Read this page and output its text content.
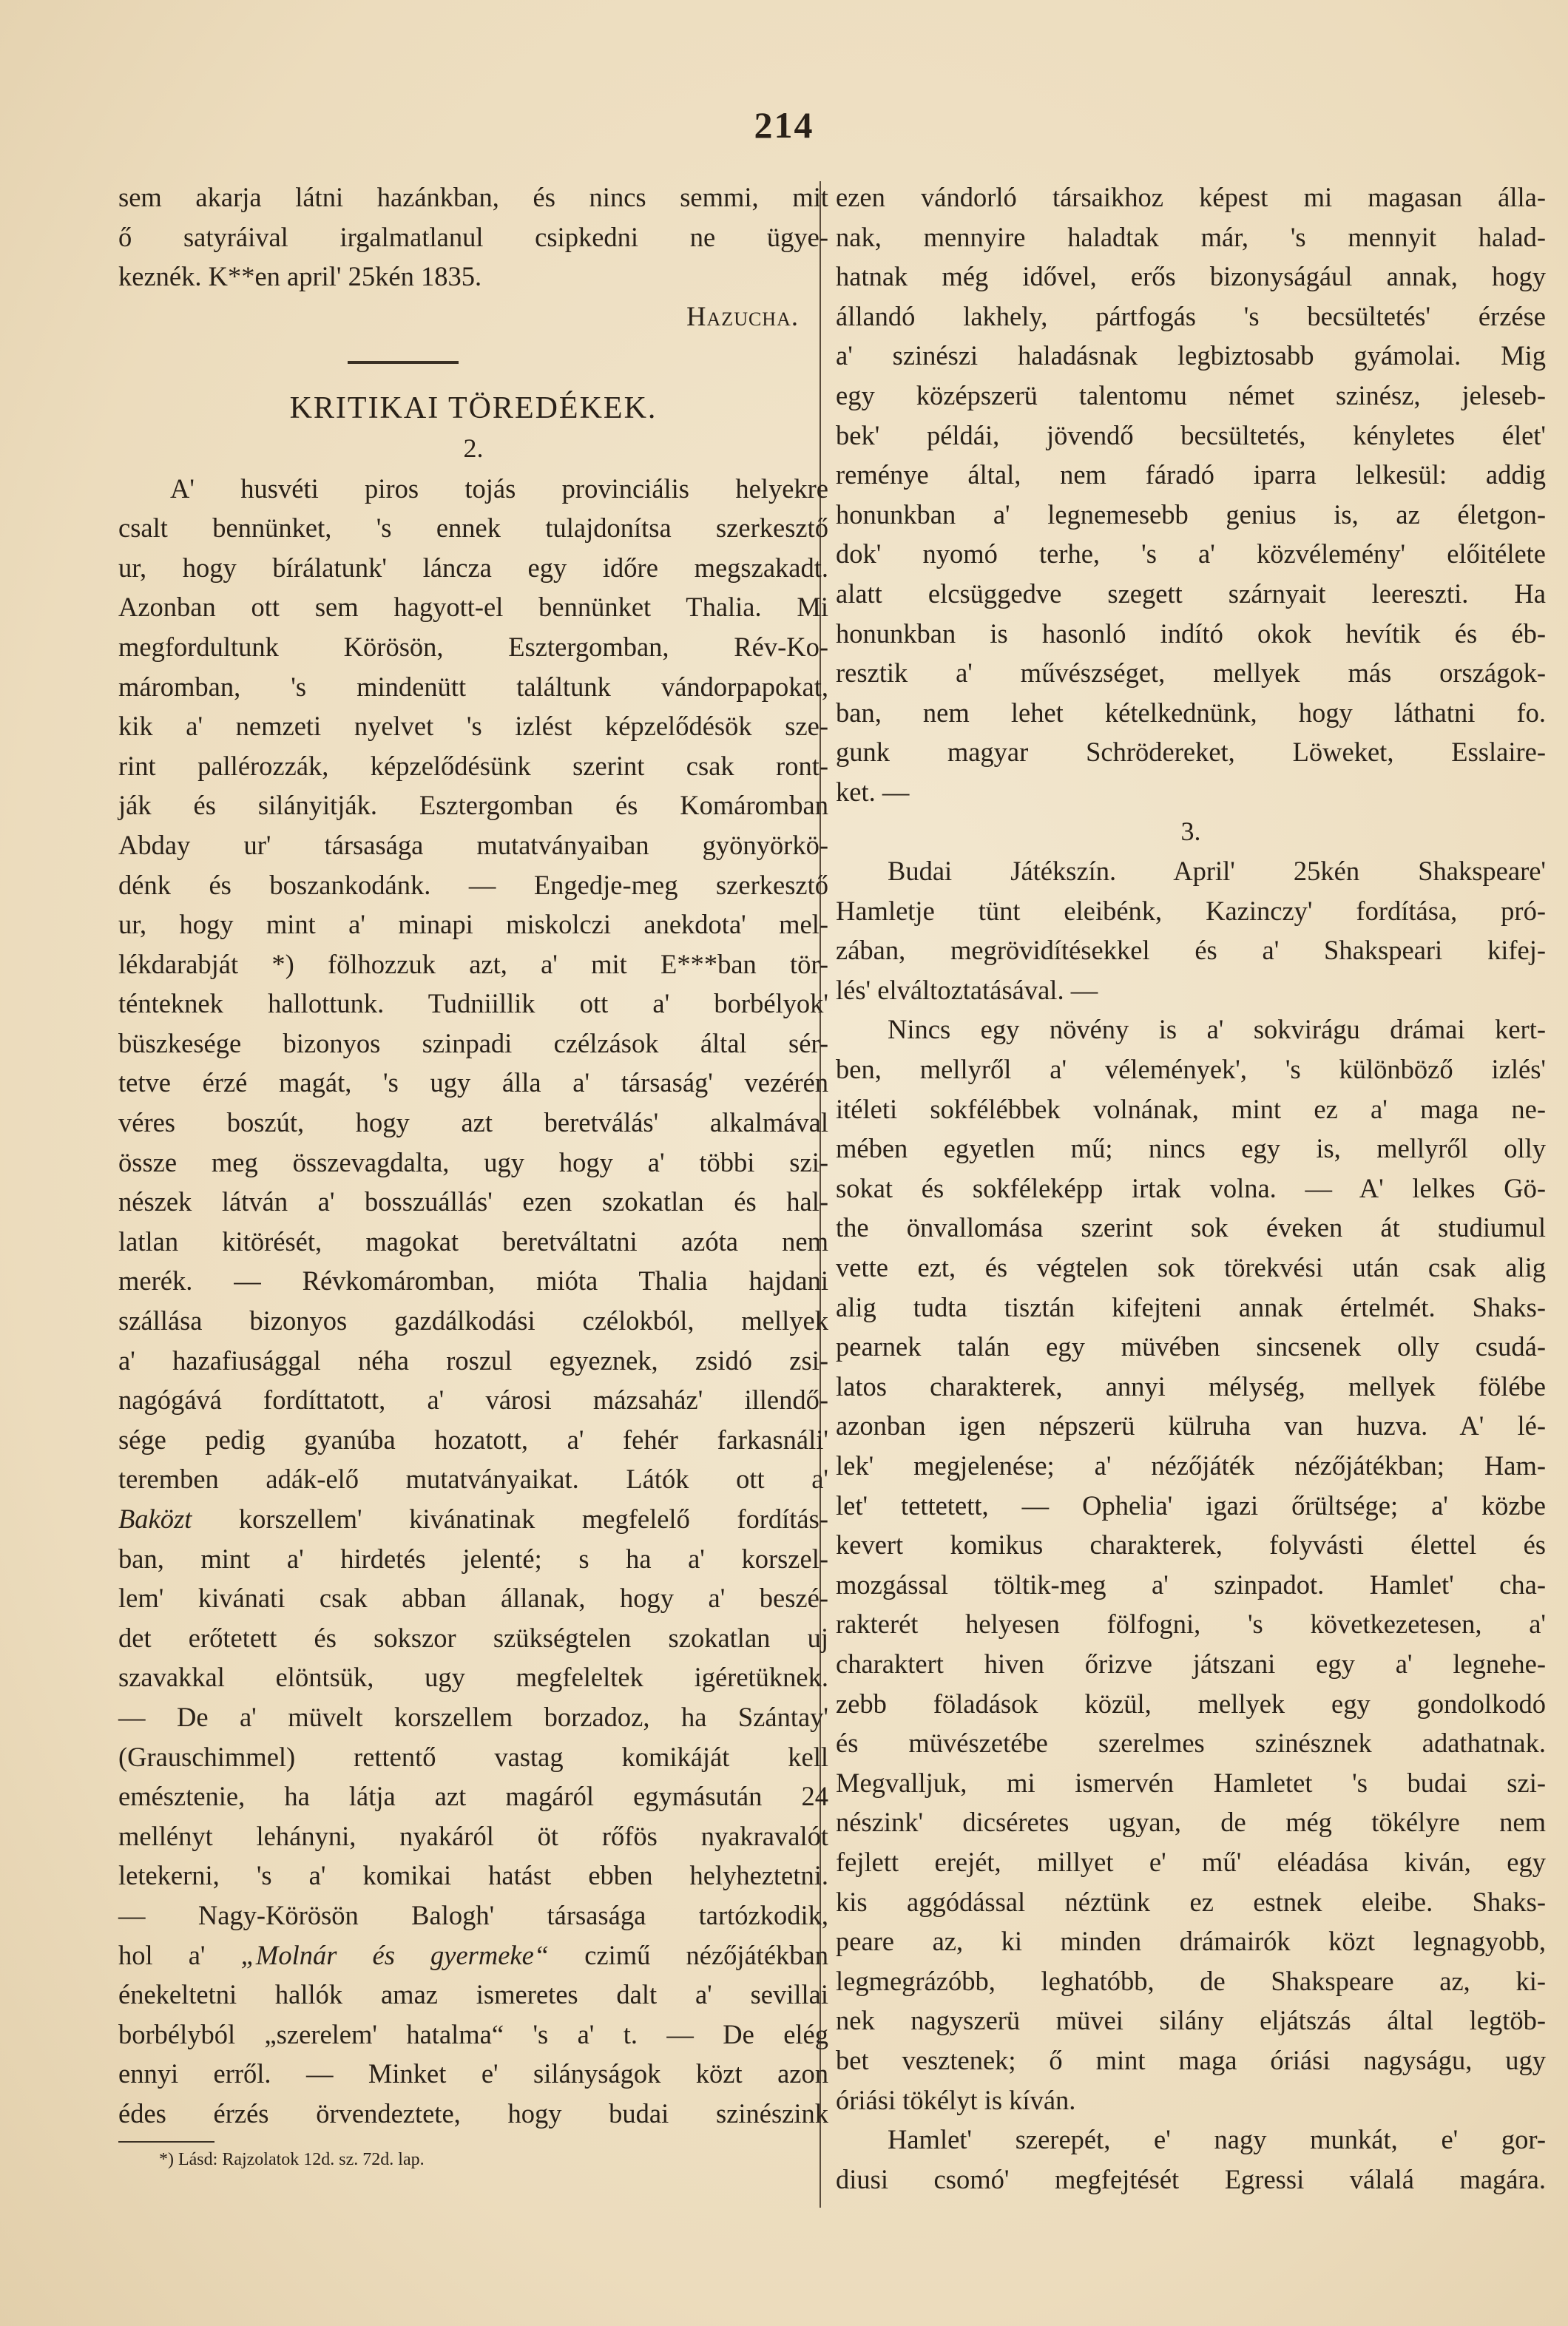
214
sem akarja látni hazánkban, és nincs semmi, mit
ő satyráival irgalmatlanul csipkedni ne ügye-
keznék. K**en april' 25kén 1835.
Hazucha.
KRITIKAI TÖREDÉKEK.
2.
A' husvéti piros tojás provinciális helyekre
csalt bennünket, 's ennek tulajdonítsa szerkesztő
ur, hogy bírálatunk' láncza egy időre megszakadt.
Azonban ott sem hagyott-el bennünket Thalia. Mi
megfordultunk Körösön, Esztergomban, Rév-Ko-
máromban, 's mindenütt találtunk vándorpapokat,
kik a' nemzeti nyelvet 's izlést képzelődésök sze-
rint pallérozzák, képzelődésünk szerint csak ront-
ják és silányitják. Esztergomban és Komáromban
Abday ur' társasága mutatványaiban gyönyörkö-
dénk és boszankodánk. — Engedje-meg szerkesztő
ur, hogy mint a' minapi miskolczi anekdota' mel-
lékdarabját *) fölhozzuk azt, a' mit E***ban tör-
ténteknek hallottunk. Tudniillik ott a' borbélyok'
büszkesége bizonyos szinpadi czélzások által sér-
tetve érzé magát, 's ugy álla a' társaság' vezérén
véres boszút, hogy azt beretválás' alkalmával
össze meg összevagdalta, ugy hogy a' többi szi-
nészek látván a' bosszuállás' ezen szokatlan és hal-
latlan kitörését, magokat beretváltatni azóta nem
merék. — Révkomáromban, mióta Thalia hajdani
szállása bizonyos gazdálkodási czélokból, mellyek
a' hazafiusággal néha roszul egyeznek, zsidó zsi-
nagógává fordíttatott, a' városi mázsaház' illendő-
sége pedig gyanúba hozatott, a' fehér farkasnáli'
teremben adák-elő mutatványaikat. Látók ott a'
Baközt korszellem' kivánatinak megfelelő fordítás-
ban, mint a' hirdetés jelenté; s ha a' korszel-
lem' kivánati csak abban állanak, hogy a' beszé-
det erőtetett és sokszor szükségtelen szokatlan uj
szavakkal elöntsük, ugy megfeleltek igéretüknek.
— De a' müvelt korszellem borzadoz, ha Szántay'
(Grauschimmel) rettentő vastag komikáját kell
emésztenie, ha látja azt magáról egymásután 24
mellényt lehányni, nyakáról öt rőfös nyakravalót
letekerni, 's a' komikai hatást ebben helyheztetni.
— Nagy-Körösön Balogh' társasága tartózkodik,
hol a' „Molnár és gyermeke“ czimű nézőjátékban
énekeltetni hallók amaz ismeretes dalt a' sevillai
borbélyból „szerelem' hatalma“ 's a' t. — De elég
ennyi erről. — Minket e' silányságok közt azon
édes érzés örvendeztete, hogy budai szinészink
*) Lásd: Rajzolatok 12d. sz. 72d. lap.
ezen vándorló társaikhoz képest mi magasan álla-
nak, mennyire haladtak már, 's mennyit halad-
hatnak még idővel, erős bizonyságául annak, hogy
állandó lakhely, pártfogás 's becsültetés' érzése
a' szinészi haladásnak legbiztosabb gyámolai. Mig
egy középszerü talentomu német szinész, jeleseb-
bek' példái, jövendő becsültetés, kényletes élet'
reménye által, nem fáradó iparra lelkesül: addig
honunkban a' legnemesebb genius is, az életgon-
dok' nyomó terhe, 's a' közvélemény' előitélete
alatt elcsüggedve szegett szárnyait leereszti. Ha
honunkban is hasonló indító okok hevítik és éb-
resztik a' művészséget, mellyek más országok-
ban, nem lehet kételkednünk, hogy láthatni fo.
gunk magyar Schrödereket, Löweket, Esslaire-
ket. —
3.
Budai Játékszín. April' 25kén Shakspeare'
Hamletje tünt eleibénk, Kazinczy' fordítása, pró-
zában, megrövidítésekkel és a' Shakspeari kifej-
lés' elváltoztatásával. —
Nincs egy növény is a' sokvirágu drámai kert-
ben, mellyről a' vélemények', 's különböző izlés'
itéleti sokfélébbek volnának, mint ez a' maga ne-
mében egyetlen mű; nincs egy is, mellyről olly
sokat és sokféleképp irtak volna. — A' lelkes Gö-
the önvallomása szerint sok éveken át studiumul
vette ezt, és végtelen sok törekvési után csak alig
alig tudta tisztán kifejteni annak értelmét. Shaks-
pearnek talán egy müvében sincsenek olly csudá-
latos charakterek, annyi mélység, mellyek fölébe
azonban igen népszerü külruha van huzva. A' lé-
lek' megjelenése; a' nézőjáték nézőjátékban; Ham-
let' tettetett, — Ophelia' igazi őrültsége; a' közbe
kevert komikus charakterek, folyvásti élettel és
mozgással töltik-meg a' szinpadot. Hamlet' cha-
rakterét helyesen fölfogni, 's következetesen, a'
charaktert hiven őrizve játszani egy a' legnehe-
zebb föladások közül, mellyek egy gondolkodó
és müvészetébe szerelmes szinésznek adathatnak.
Megvalljuk, mi ismervén Hamletet 's budai szi-
nészink' dicséretes ugyan, de még tökélyre nem
fejlett erejét, millyet e' mű' eléadása kiván, egy
kis aggódással néztünk ez estnek eleibe. Shaks-
peare az, ki minden drámairók közt legnagyobb,
legmegrázóbb, leghatóbb, de Shakspeare az, ki-
nek nagyszerü müvei silány eljátszás által legtöb-
bet vesztenek; ő mint maga óriási nagyságu, ugy
óriási tökélyt is kíván.
Hamlet' szerepét, e' nagy munkát, e' gor-
diusi csomó' megfejtését Egressi válalá magára.
